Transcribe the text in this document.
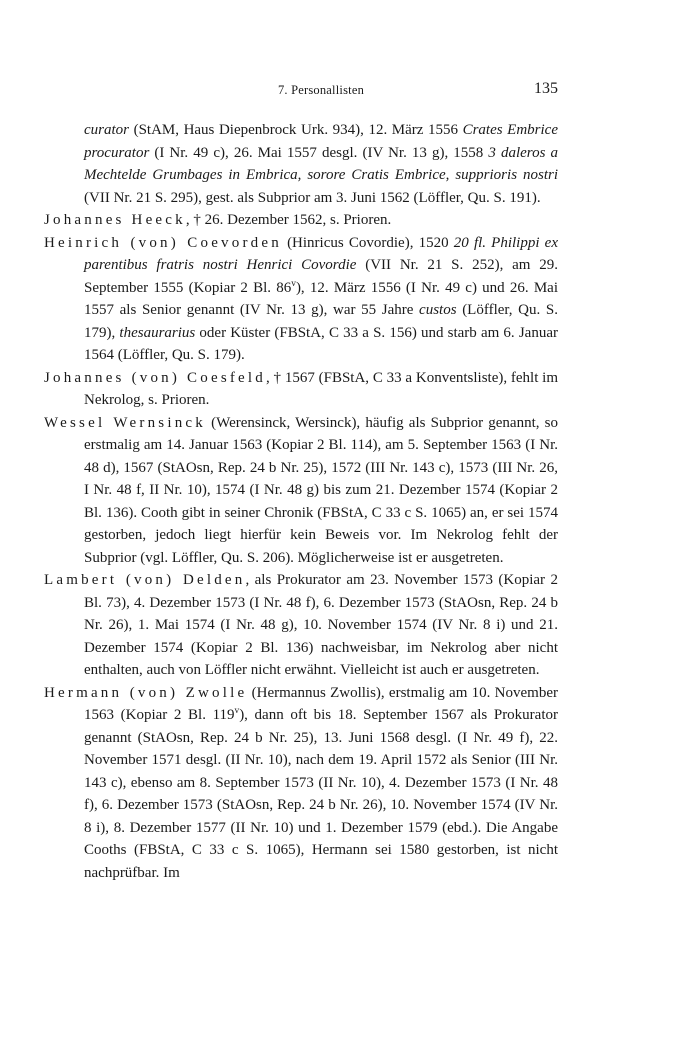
7. Personallisten	135

curator (StAM, Haus Diepenbrock Urk. 934), 12. März 1556 Crates Embrice procurator (I Nr. 49 c), 26. Mai 1557 desgl. (IV Nr. 13 g), 1558 3 daleros a Mechtelde Grumbages in Embrica, sorore Cratis Embrice, supprioris nostri (VII Nr. 21 S. 295), gest. als Subprior am 3. Juni 1562 (Löffler, Qu. S. 191).

Johannes Heeck, † 26. Dezember 1562, s. Prioren.

Heinrich (von) Coevorden (Hinricus Covordie), 1520 20 fl. Philippi ex parentibus fratris nostri Henrici Covordie (VII Nr. 21 S. 252), am 29. September 1555 (Kopiar 2 Bl. 86$^v$), 12. März 1556 (I Nr. 49 c) und 26. Mai 1557 als Senior genannt (IV Nr. 13 g), war 55 Jahre custos (Löffler, Qu. S. 179), thesaurarius oder Küster (FBStA, C 33 a S. 156) und starb am 6. Januar 1564 (Löffler, Qu. S. 179).

Johannes (von) Coesfeld, † 1567 (FBStA, C 33 a Konventsliste), fehlt im Nekrolog, s. Prioren.

Wessel Wernsinck (Werensinck, Wersinck), häufig als Subprior genannt, so erstmalig am 14. Januar 1563 (Kopiar 2 Bl. 114), am 5. September 1563 (I Nr. 48 d), 1567 (StAOsn, Rep. 24 b Nr. 25), 1572 (III Nr. 143 c), 1573 (III Nr. 26, I Nr. 48 f, II Nr. 10), 1574 (I Nr. 48 g) bis zum 21. Dezember 1574 (Kopiar 2 Bl. 136). Cooth gibt in seiner Chronik (FBStA, C 33 c S. 1065) an, er sei 1574 gestorben, jedoch liegt hierfür kein Beweis vor. Im Nekrolog fehlt der Subprior (vgl. Löffler, Qu. S. 206). Möglicherweise ist er ausgetreten.

Lambert (von) Delden, als Prokurator am 23. November 1573 (Kopiar 2 Bl. 73), 4. Dezember 1573 (I Nr. 48 f), 6. Dezember 1573 (StAOsn, Rep. 24 b Nr. 26), 1. Mai 1574 (I Nr. 48 g), 10. November 1574 (IV Nr. 8 i) und 21. Dezember 1574 (Kopiar 2 Bl. 136) nachweisbar, im Nekrolog aber nicht enthalten, auch von Löffler nicht erwähnt. Vielleicht ist auch er ausgetreten.

Hermann (von) Zwolle (Hermannus Zwollis), erstmalig am 10. November 1563 (Kopiar 2 Bl. 119$^v$), dann oft bis 18. September 1567 als Prokurator genannt (StAOsn, Rep. 24 b Nr. 25), 13. Juni 1568 desgl. (I Nr. 49 f), 22. November 1571 desgl. (II Nr. 10), nach dem 19. April 1572 als Senior (III Nr. 143 c), ebenso am 8. September 1573 (II Nr. 10), 4. Dezember 1573 (I Nr. 48 f), 6. Dezember 1573 (StAOsn, Rep. 24 b Nr. 26), 10. November 1574 (IV Nr. 8 i), 8. Dezember 1577 (II Nr. 10) und 1. Dezember 1579 (ebd.). Die Angabe Cooths (FBStA, C 33 c S. 1065), Hermann sei 1580 gestorben, ist nicht nachprüfbar. Im
